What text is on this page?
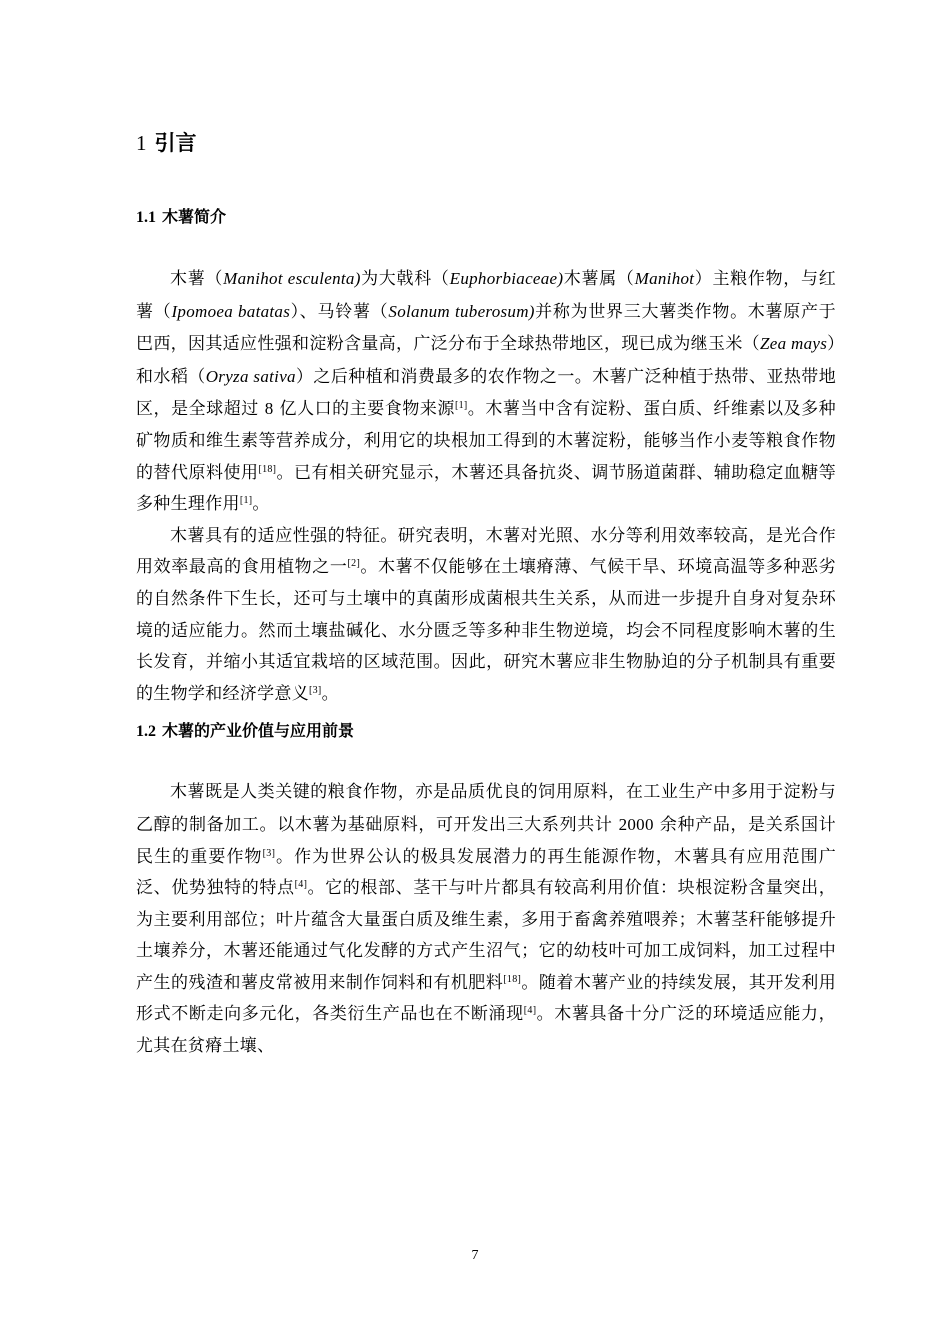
1 引言
1.1 木薯简介

木薯（Manihot esculenta)为大戟科（Euphorbiaceae)木薯属（Manihot）主粮作物，与红薯（Ipomoea batatas）、马铃薯（Solanum tuberosum)并称为世界三大薯类作物。木薯原产于巴西，因其适应性强和淀粉含量高，广泛分布于全球热带地区，现已成为继玉米（Zea mays）和水稻（Oryza sativa）之后种植和消费最多的农作物之一。木薯广泛种植于热带、亚热带地区，是全球超过 8 亿人口的主要食物来源[1]。木薯当中含有淀粉、蛋白质、纤维素以及多种矿物质和维生素等营养成分，利用它的块根加工得到的木薯淀粉，能够当作小麦等粮食作物的替代原料使用[18]。已有相关研究显示，木薯还具备抗炎、调节肠道菌群、辅助稳定血糖等多种生理作用[1]。

木薯具有的适应性强的特征。研究表明，木薯对光照、水分等利用效率较高，是光合作用效率最高的食用植物之一[2]。木薯不仅能够在土壤瘠薄、气候干旱、环境高温等多种恶劣的自然条件下生长，还可与土壤中的真菌形成菌根共生关系，从而进一步提升自身对复杂环境的适应能力。然而土壤盐碱化、水分匮乏等多种非生物逆境，均会不同程度影响木薯的生长发育，并缩小其适宜栽培的区域范围。因此，研究木薯应非生物胁迫的分子机制具有重要的生物学和经济学意义[3]。

1.2 木薯的产业价值与应用前景

木薯既是人类关键的粮食作物，亦是品质优良的饲用原料，在工业生产中多用于淀粉与乙醇的制备加工。以木薯为基础原料，可开发出三大系列共计 2000 余种产品，是关系国计民生的重要作物[3]。作为世界公认的极具发展潜力的再生能源作物，木薯具有应用范围广泛、优势独特的特点[4]。它的根部、茎干与叶片都具有较高利用价值：块根淀粉含量突出，为主要利用部位；叶片蕴含大量蛋白质及维生素，多用于畜禽养殖喂养；木薯茎秆能够提升土壤养分，木薯还能通过气化发酵的方式产生沼气；它的幼枝叶可加工成饲料，加工过程中产生的残渣和薯皮常被用来制作饲料和有机肥料[18]。随着木薯产业的持续发展，其开发利用形式不断走向多元化，各类衍生产品也在不断涌现[4]。木薯具备十分广泛的环境适应能力，尤其在贫瘠土壤、

7
